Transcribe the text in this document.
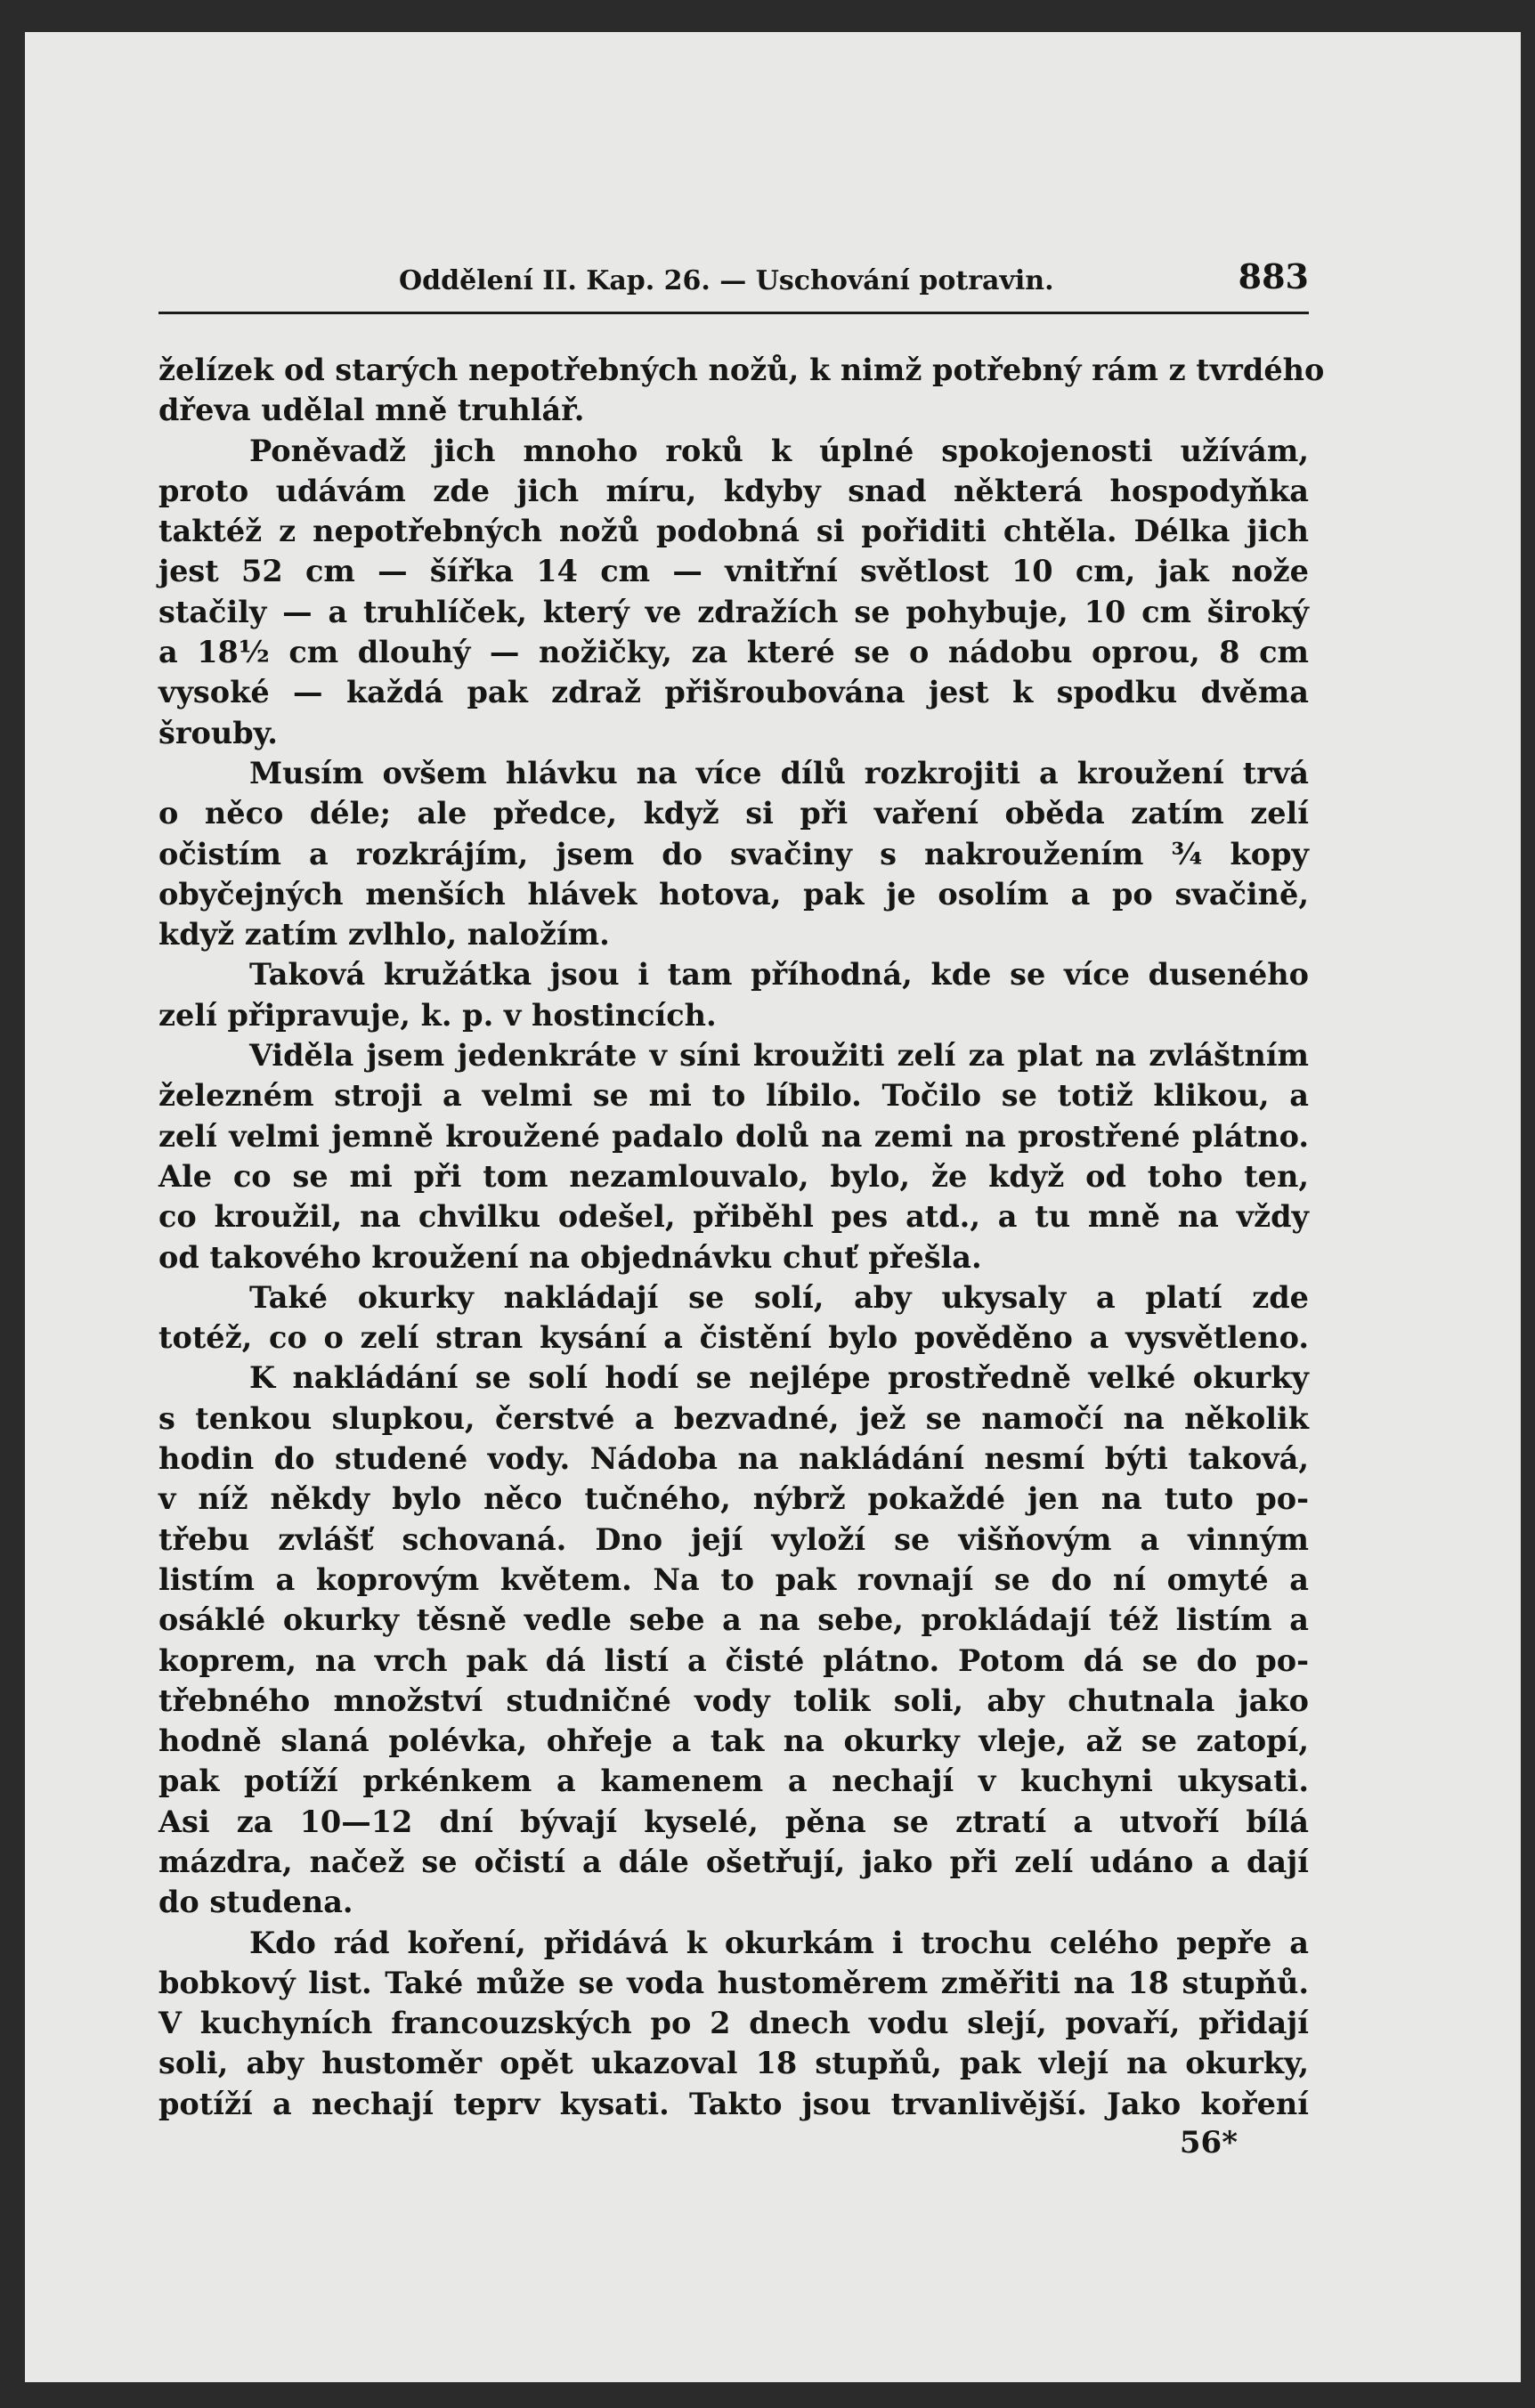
Oddělení II. Kap. 26. — Uschování potravin.	883
želízek od starých nepotřebných nožů, k nimž potřebný rám z tvrdého
dřeva udělal mně truhlář.
Poněvadž jich mnoho roků k úplné spokojenosti užívám,
proto udávám zde jich míru, kdyby snad některá hospodyňka
taktéž z nepotřebných nožů podobná si pořiditi chtěla. Délka jich
jest 52 cm — šířka 14 cm — vnitřní světlost 10 cm, jak nože
stačily — a truhlíček, který ve zdražích se pohybuje, 10 cm široký
a 18½ cm dlouhý — nožičky, za které se o nádobu oprou, 8 cm
vysoké — každá pak zdraž přišroubována jest k spodku dvěma
šrouby.
Musím ovšem hlávku na více dílů rozkrojiti a kroužení trvá
o něco déle; ale předce, když si při vaření oběda zatím zelí
očistím a rozkrájím, jsem do svačiny s nakroužením ¾ kopy
obyčejných menších hlávek hotova, pak je osolím a po svačině,
když zatím zvlhlo, naložím.
Taková kružátka jsou i tam příhodná, kde se více duseného
zelí připravuje, k. p. v hostincích.
Viděla jsem jedenkráte v síni kroužiti zelí za plat na zvláštním
železném stroji a velmi se mi to líbilo. Točilo se totiž klikou, a
zelí velmi jemně kroužené padalo dolů na zemi na prostřené plátno.
Ale co se mi při tom nezamlouvalo, bylo, že když od toho ten,
co kroužil, na chvilku odešel, přiběhl pes atd., a tu mně na vždy
od takového kroužení na objednávku chuť přešla.
Také okurky nakládají se solí, aby ukysaly a platí zde
totéž, co o zelí stran kysání a čistění bylo pověděno a vysvětleno.
K nakládání se solí hodí se nejlépe prostředně velké okurky
s tenkou slupkou, čerstvé a bezvadné, jež se namočí na několik
hodin do studené vody. Nádoba na nakládání nesmí býti taková,
v níž někdy bylo něco tučného, nýbrž pokaždé jen na tuto po-
třebu zvlášť schovaná. Dno její vyloží se višňovým a vinným
listím a koprovým květem. Na to pak rovnají se do ní omyté a
osáklé okurky těsně vedle sebe a na sebe, prokládají též listím a
koprem, na vrch pak dá listí a čisté plátno. Potom dá se do po-
třebného množství studničné vody tolik soli, aby chutnala jako
hodně slaná polévka, ohřeje a tak na okurky vleje, až se zatopí,
pak potíží prkénkem a kamenem a nechají v kuchyni ukysati.
Asi za 10—12 dní bývají kyselé, pěna se ztratí a utvoří bílá
mázdra, načež se očistí a dále ošetřují, jako při zelí udáno a dají
do studena.
Kdo rád koření, přidává k okurkám i trochu celého pepře a
bobkový list. Také může se voda hustoměrem změřiti na 18 stupňů.
V kuchyních francouzských po 2 dnech vodu slejí, povaří, přidají
soli, aby hustoměr opět ukazoval 18 stupňů, pak vlejí na okurky,
potíží a nechají teprv kysati. Takto jsou trvanlivější. Jako koření
56*
